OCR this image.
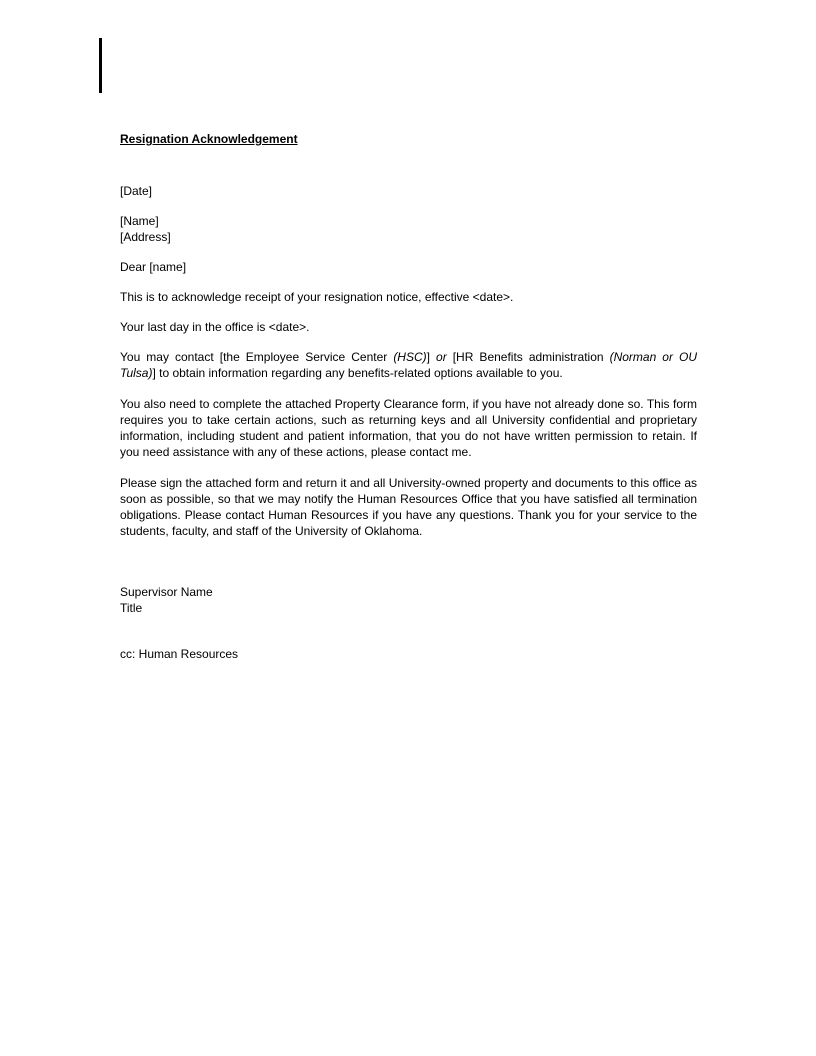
Resignation Acknowledgement

[Date]

[Name]

[Address]

Dear [name]

This is to acknowledge receipt of your resignation notice, effective <date>.

Your last day in the office is <date>.

You may contact [the Employee Service Center (HSC)] or [HR Benefits administration (Norman or OU Tulsa)] to obtain information regarding any benefits-related options available to you.

You also need to complete the attached Property Clearance form, if you have not already done so. This form requires you to take certain actions, such as returning keys and all University confidential and proprietary information, including student and patient information, that you do not have written permission to retain. If you need assistance with any of these actions, please contact me.

Please sign the attached form and return it and all University-owned property and documents to this office as soon as possible, so that we may notify the Human Resources Office that you have satisfied all termination obligations. Please contact Human Resources if you have any questions. Thank you for your service to the students, faculty, and staff of the University of Oklahoma.

Supervisor Name

Title

cc: Human Resources
